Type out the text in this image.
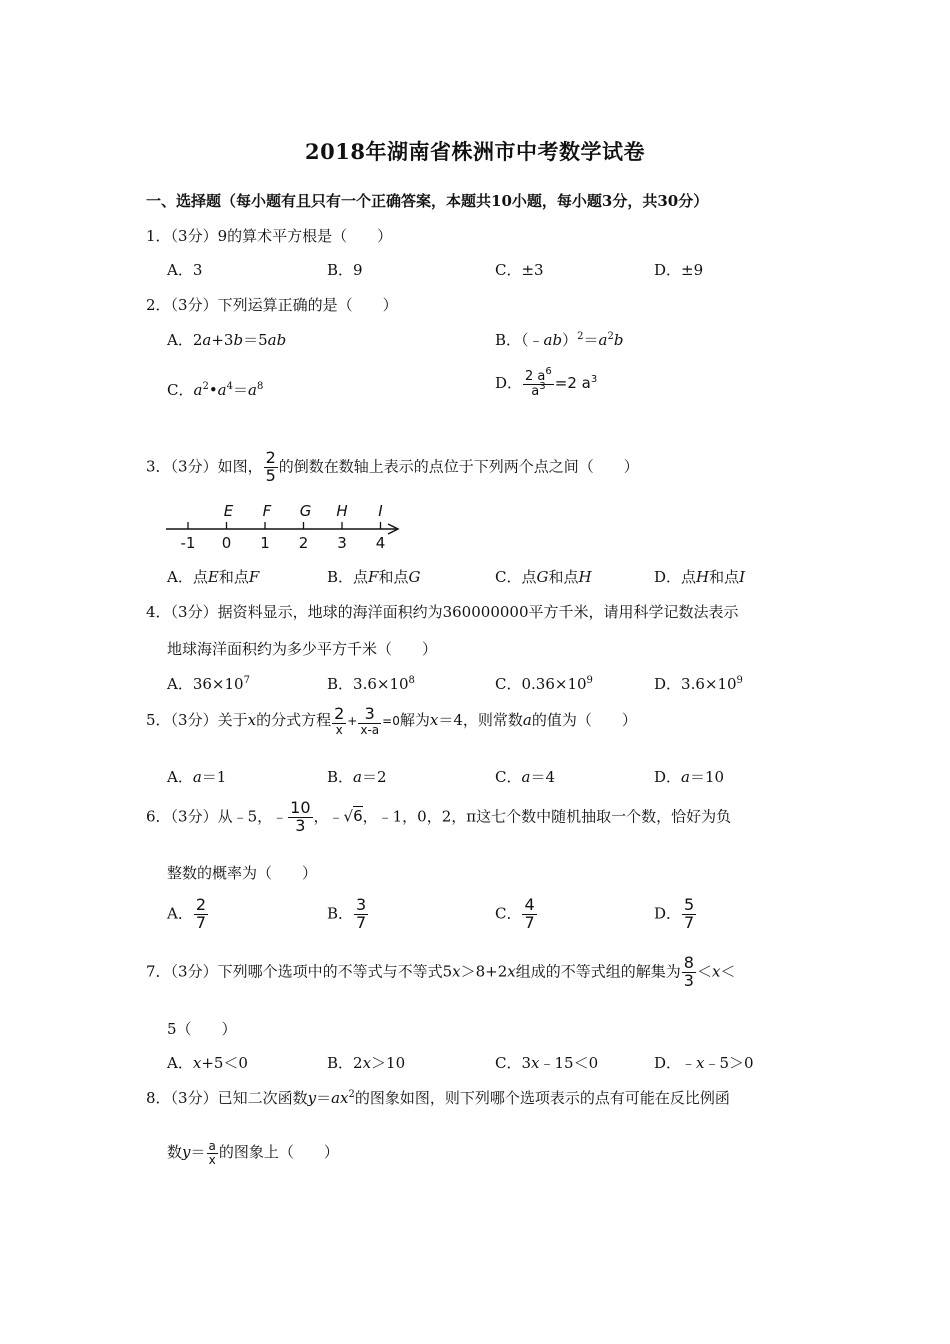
2018年湖南省株洲市中考数学试卷
一、选择题（每小题有且只有一个正确答案，本题共10小题，每小题3分，共30分）
1．（3分）9的算术平方根是（　　）
A．3	B．9	C．±3	D．±9
2．（3分）下列运算正确的是（　　）
A．2a+3b＝5ab	B．$(﹣ab)^2=a^2b$
C．$a^2•a^4=a^8$	D． $\frac{2 a^6}{a^3} =2$ $a^3$
3．（3分）如图， $\frac{2}{5}$ 的倒数在数轴上表示的点位于下列两个点之间（　　）
-1 0 1 2 3 4
E F G H I
A．点E和点F	B．点F和点G	C．点G和点H	D．点H和点I
4．（3分）据资料显示，地球的海洋面积约为360000000平方千米，请用科学记数法表示
地球海洋面积约为多少平方千米（　　）
A．$36\times 10^7$	B．$3.6\times 10^8$	C．$0.36\times 10^9$	D．$3.6\times 10^9$
5．（3分）关于x的分式方程 $\frac{2}{x} + \frac{3}{x-a} =0$解为x＝4，则常数a的值为（　　）
A．a＝1	B．a＝2	C．a＝4	D．a＝10
6．（3分）从﹣5，﹣ $\frac{10}{3}$ ，﹣√6，﹣1，0，2，π这七个数中随机抽取一个数，恰好为负
整数的概率为（　　）
A． $\frac{2}{7}$	B． $\frac{3}{7}$	C． $\frac{4}{7}$	D． $\frac{5}{7}$
7．（3分）下列哪个选项中的不等式与不等式5x＞8+2x组成的不等式组的解集为 $\frac{8}{3} <x<$
5（　　）
A．x+5＜0	B．2x＞10	C．3x﹣15＜0	D．﹣x﹣5＞0
8．（3分）已知二次函数$y=ax^2$的图象如图，则下列哪个选项表示的点有可能在反比例函
数$y= \frac{a}{x}$ 的图象上（　　）
